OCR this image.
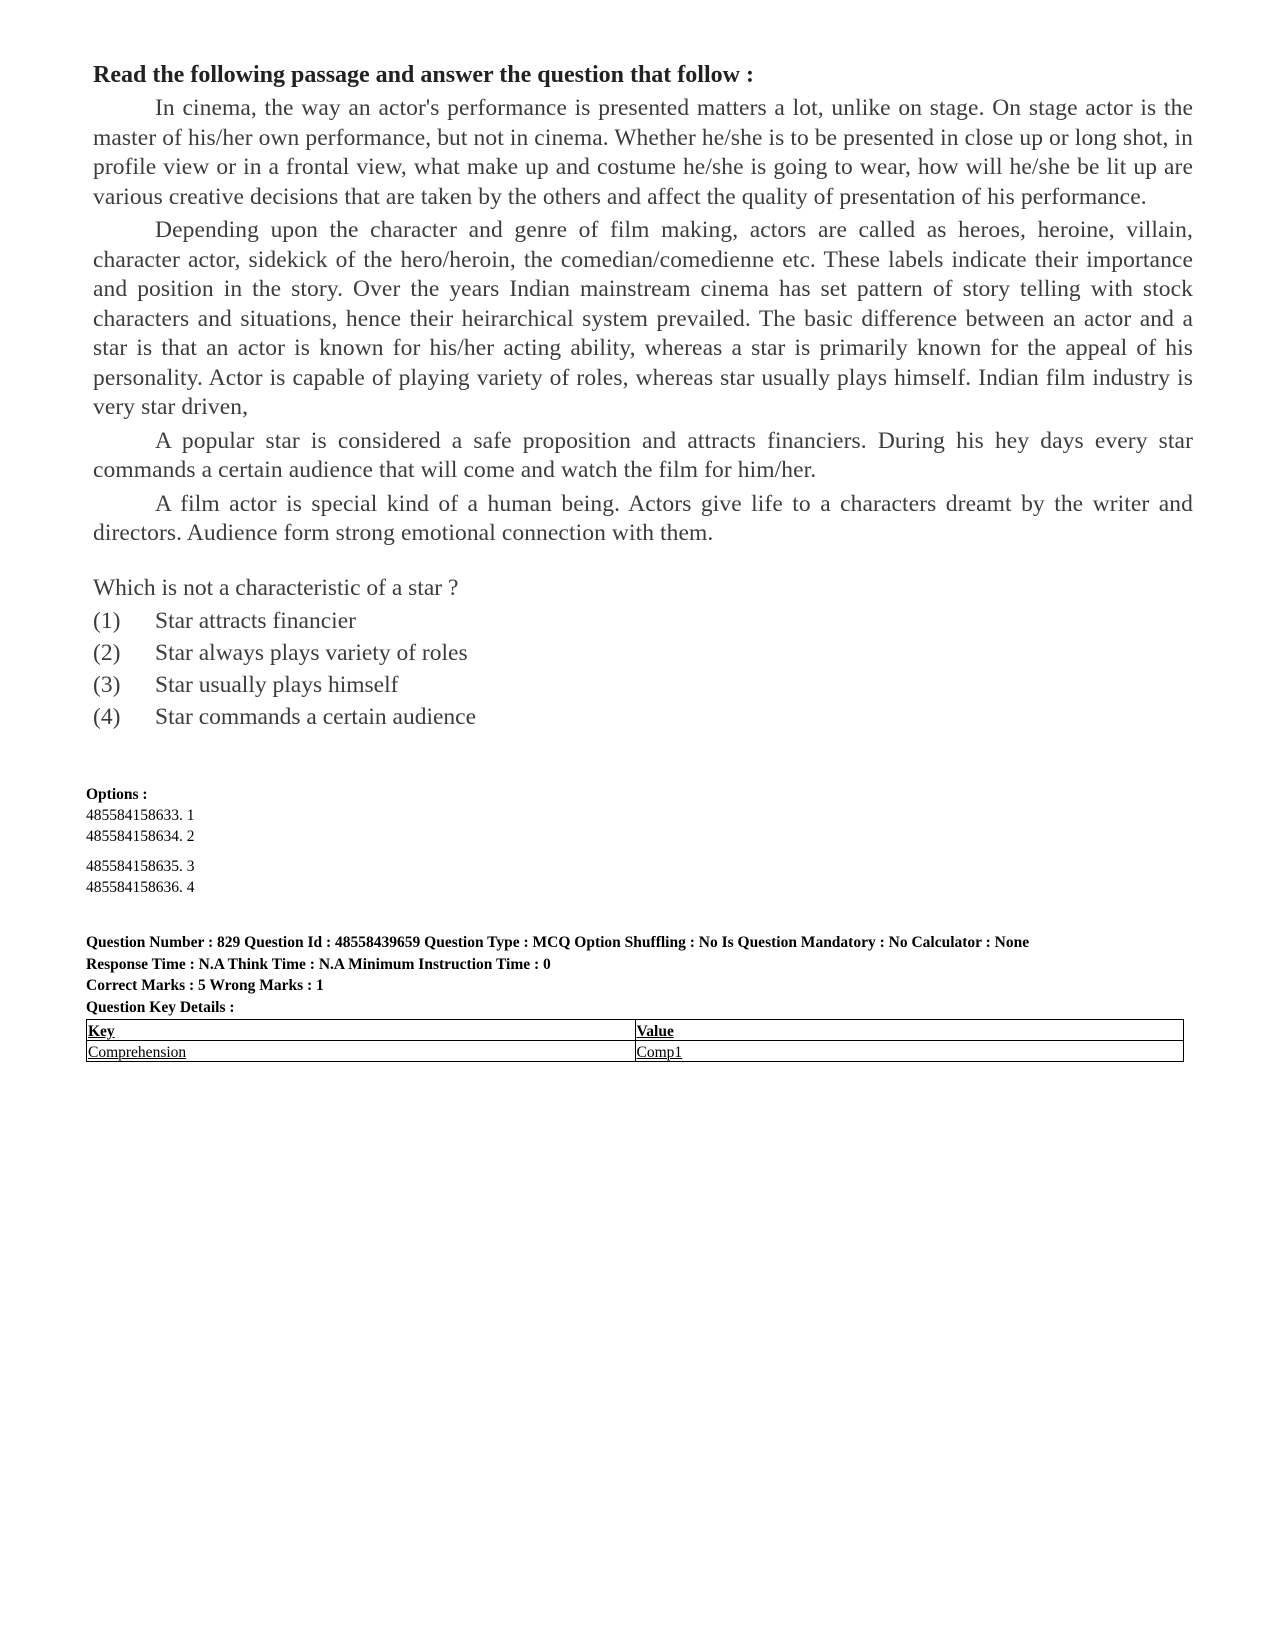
Read the following passage and answer the question that follow :

In cinema, the way an actor's performance is presented matters a lot, unlike on stage. On stage actor is the master of his/her own performance, but not in cinema. Whether he/she is to be presented in close up or long shot, in profile view or in a frontal view, what make up and costume he/she is going to wear, how will he/she be lit up are various creative decisions that are taken by the others and affect the quality of presentation of his performance.

Depending upon the character and genre of film making, actors are called as heroes, heroine, villain, character actor, sidekick of the hero/heroin, the comedian/comedienne etc. These labels indicate their importance and position in the story. Over the years Indian mainstream cinema has set pattern of story telling with stock characters and situations, hence their heirarchical system prevailed. The basic difference between an actor and a star is that an actor is known for his/her acting ability, whereas a star is primarily known for the appeal of his personality. Actor is capable of playing variety of roles, whereas star usually plays himself. Indian film industry is very star driven,

A popular star is considered a safe proposition and attracts financiers. During his hey days every star commands a certain audience that will come and watch the film for him/her.

A film actor is special kind of a human being. Actors give life to a characters dreamt by the writer and directors. Audience form strong emotional connection with them.

Which is not a characteristic of a star ?
(1)	Star attracts financier
(2)	Star always plays variety of roles
(3)	Star usually plays himself
(4)	Star commands a certain audience
Options :
485584158633. 1
485584158634. 2
485584158635. 3
485584158636. 4
Question Number : 829 Question Id : 48558439659 Question Type : MCQ Option Shuffling : No Is Question Mandatory : No Calculator : None
Response Time : N.A Think Time : N.A Minimum Instruction Time : 0
Correct Marks : 5 Wrong Marks : 1
Question Key Details :
Key	Value
Comprehension	Comp1
